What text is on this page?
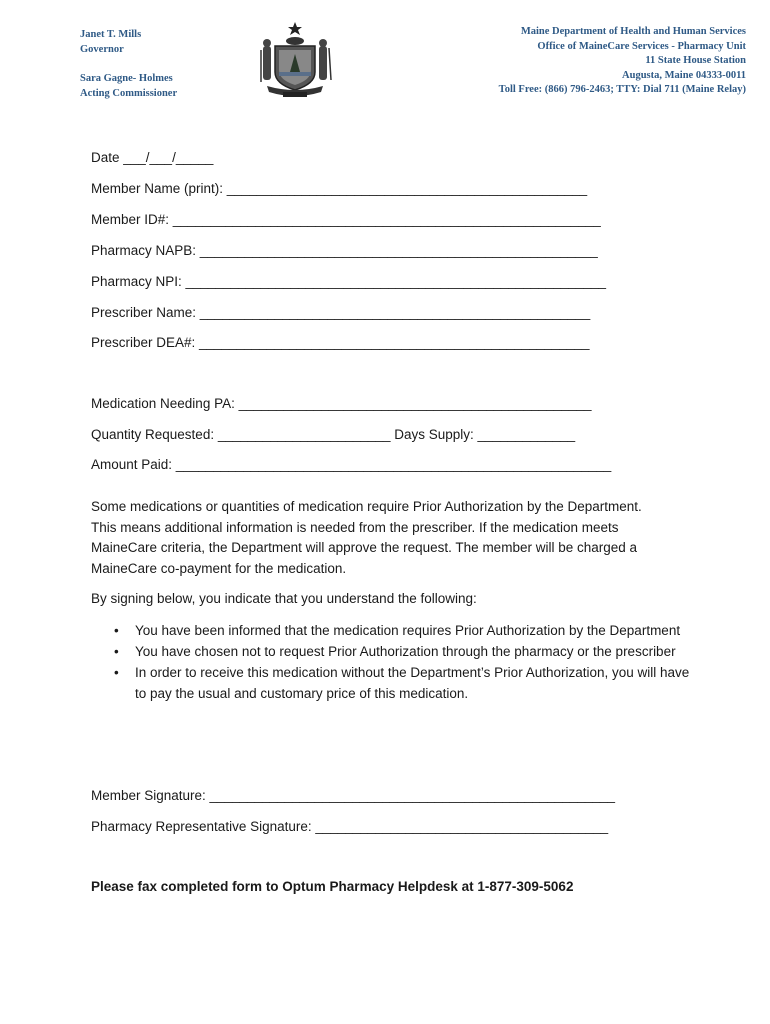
Janet T. Mills
Governor
Sara Gagne- Holmes
Acting Commissioner
Maine Department of Health and Human Services
Office of MaineCare Services - Pharmacy Unit
11 State House Station
Augusta, Maine 04333-0011
Toll Free: (866) 796-2463; TTY: Dial 711 (Maine Relay)
Date ___/___/_____
Member Name (print): ________________________________________________
Member ID#: _________________________________________________________
Pharmacy NAPB: _____________________________________________________
Pharmacy NPI: ________________________________________________________
Prescriber Name: ____________________________________________________
Prescriber DEA#: ____________________________________________________
Medication Needing PA: _______________________________________________
Quantity Requested: _______________________ Days Supply: _____________
Amount Paid: __________________________________________________________
Some medications or quantities of medication require Prior Authorization by the Department. This means additional information is needed from the prescriber. If the medication meets MaineCare criteria, the Department will approve the request. The member will be charged a MaineCare co-payment for the medication.
By signing below, you indicate that you understand the following:
• You have been informed that the medication requires Prior Authorization by the Department
• You have chosen not to request Prior Authorization through the pharmacy or the prescriber
• In order to receive this medication without the Department’s Prior Authorization, you will have to pay the usual and customary price of this medication.
Member Signature: ______________________________________________________
Pharmacy Representative Signature: _______________________________________
Please fax completed form to Optum Pharmacy Helpdesk at 1-877-309-5062
